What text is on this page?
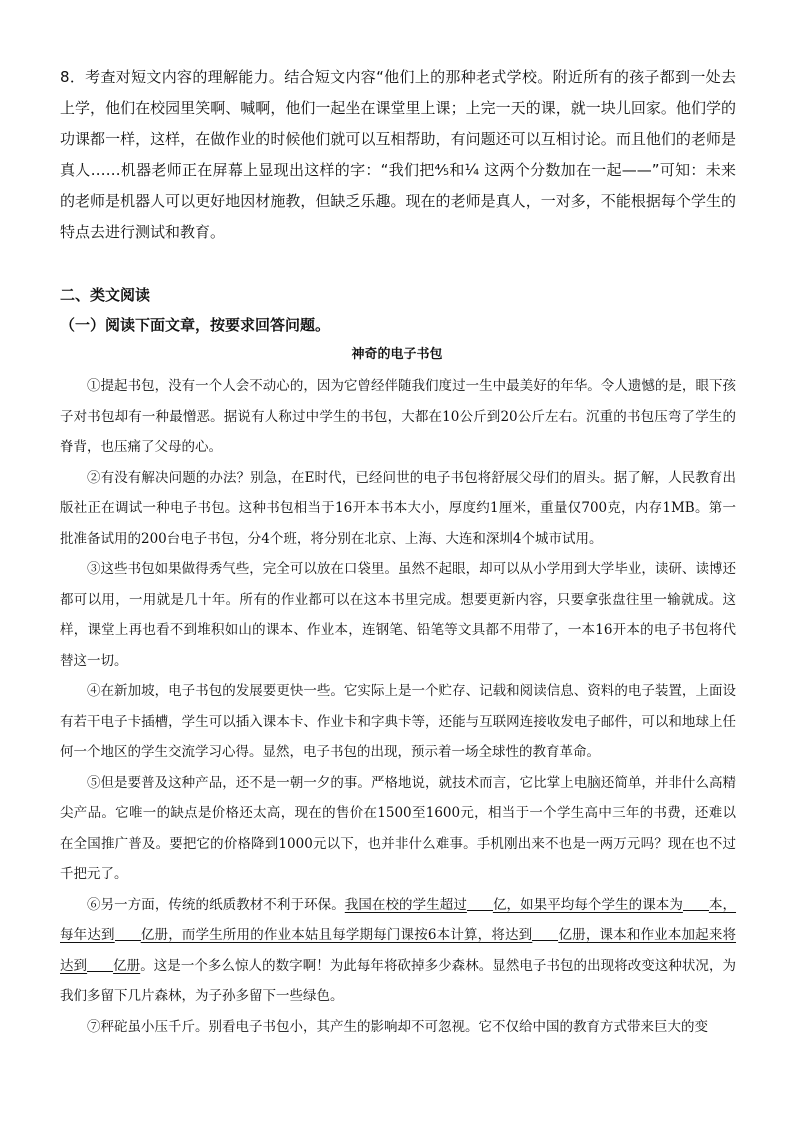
8．考查对短文内容的理解能力。结合短文内容“他们上的那种老式学校。附近所有的孩子都到一处去上学，他们在校园里笑啊、喊啊，他们一起坐在课堂里上课；上完一天的课，就一块儿回家。他们学的功课都一样，这样，在做作业的时候他们就可以互相帮助，有问题还可以互相讨论。而且他们的老师是真人……机器老师正在屏幕上显现出这样的字：“我们把⅘和¼ 这两个分数加在一起——”可知：未来的老师是机器人可以更好地因材施教，但缺乏乐趣。现在的老师是真人，一对多，不能根据每个学生的特点去进行测试和教育。

二、类文阅读
（一）阅读下面文章，按要求回答问题。
神奇的电子书包

①提起书包，没有一个人会不动心的，因为它曾经伴随我们度过一生中最美好的年华。令人遗憾的是，眼下孩子对书包却有一种最憎恶。据说有人称过中学生的书包，大都在10公斤到20公斤左右。沉重的书包压弯了学生的脊背，也压痛了父母的心。

②有没有解决问题的办法？别急，在E时代，已经问世的电子书包将舒展父母们的眉头。据了解，人民教育出版社正在调试一种电子书包。这种书包相当于16开本书本大小，厚度约1厘米，重量仅700克，内存1MB。第一批准备试用的200台电子书包，分4个班，将分别在北京、上海、大连和深圳4个城市试用。

③这些书包如果做得秀气些，完全可以放在口袋里。虽然不起眼，却可以从小学用到大学毕业，读研、读博还都可以用，一用就是几十年。所有的作业都可以在这本书里完成。想要更新内容，只要拿张盘往里一输就成。这样，课堂上再也看不到堆积如山的课本、作业本，连钢笔、铅笔等文具都不用带了，一本16开本的电子书包将代替这一切。

④在新加坡，电子书包的发展要更快一些。它实际上是一个贮存、记载和阅读信息、资料的电子装置，上面设有若干电子卡插槽，学生可以插入课本卡、作业卡和字典卡等，还能与互联网连接收发电子邮件，可以和地球上任何一个地区的学生交流学习心得。显然，电子书包的出现，预示着一场全球性的教育革命。

⑤但是要普及这种产品，还不是一朝一夕的事。严格地说，就技术而言，它比掌上电脑还简单，并非什么高精尖产品。它唯一的缺点是价格还太高，现在的售价在1500至1600元，相当于一个学生高中三年的书费，还难以在全国推广普及。要把它的价格降到1000元以下，也并非什么难事。手机刚出来不也是一两万元吗？现在也不过千把元了。

⑥另一方面，传统的纸质教材不利于环保。我国在校的学生超过 亿，如果平均每个学生的课本为 本，每年达到 亿册，而学生所用的作业本姑且每学期每门课按6本计算，将达到 亿册，课本和作业本加起来将达到 亿册。这是一个多么惊人的数字啊！为此每年将砍掉多少森林。显然电子书包的出现将改变这种状况，为我们多留下几片森林，为子孙多留下一些绿色。

⑦秤砣虽小压千斤。别看电子书包小，其产生的影响却不可忽视。它不仅给中国的教育方式带来巨大的变
